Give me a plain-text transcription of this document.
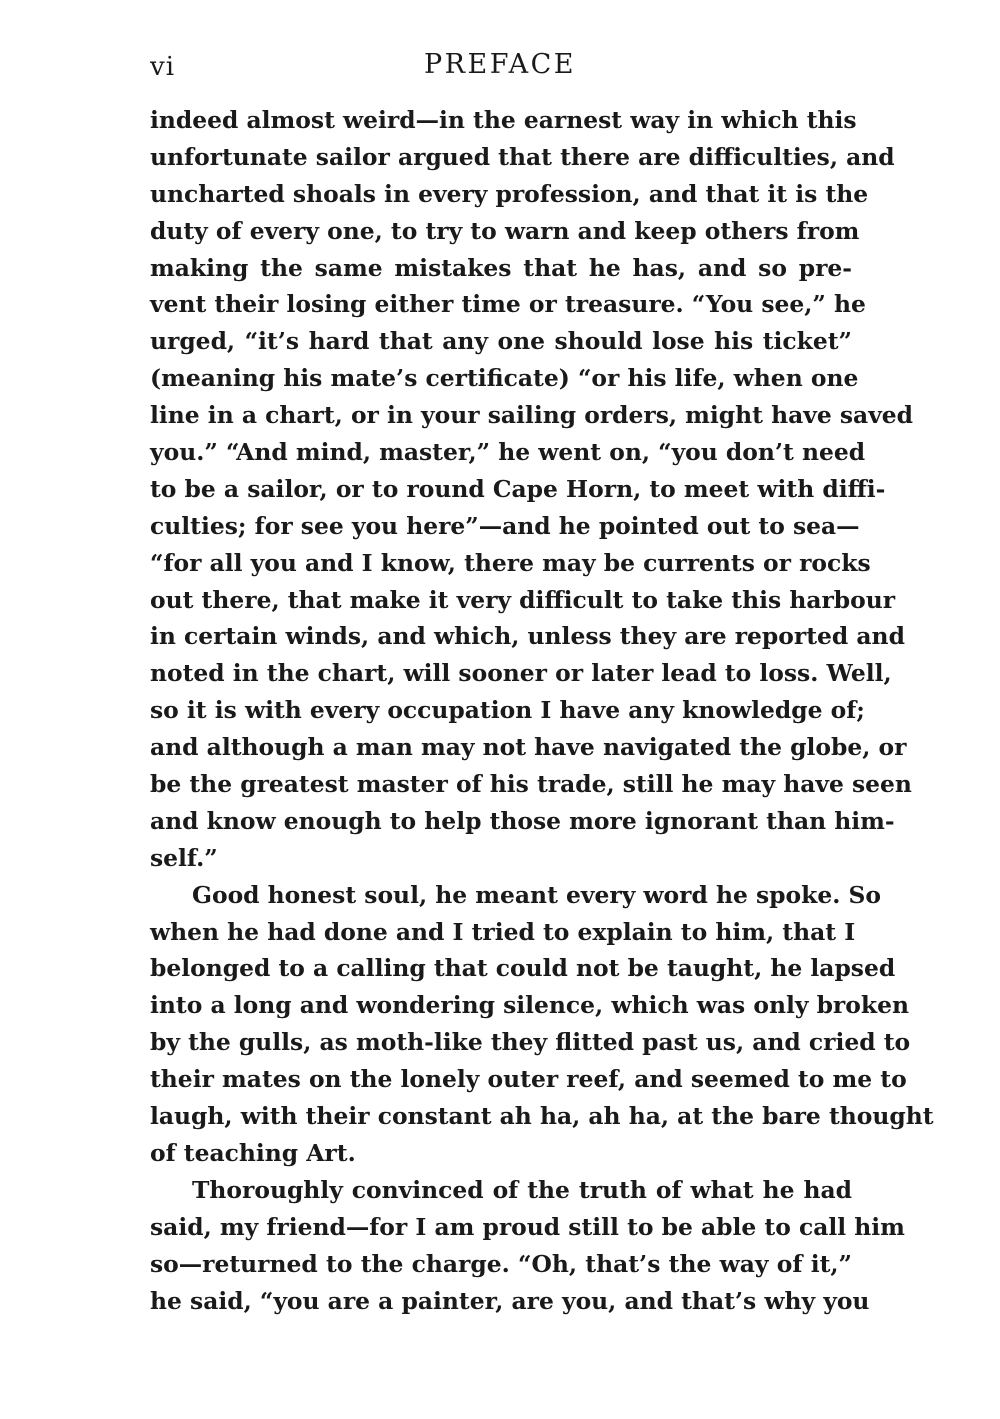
vi	PREFACE
indeed almost weird—in the earnest way in which this
unfortunate sailor argued that there are difficulties, and
uncharted shoals in every profession, and that it is the
duty of every one, to try to warn and keep others from
making the same mistakes that he has, and so pre-
vent their losing either time or treasure. “You see,” he
urged, “it’s hard that any one should lose his ticket”
(meaning his mate’s certificate) “or his life, when one
line in a chart, or in your sailing orders, might have saved
you.” “And mind, master,” he went on, “you don’t need
to be a sailor, or to round Cape Horn, to meet with diffi-
culties; for see you here”—and he pointed out to sea—
“for all you and I know, there may be currents or rocks
out there, that make it very difficult to take this harbour
in certain winds, and which, unless they are reported and
noted in the chart, will sooner or later lead to loss. Well,
so it is with every occupation I have any knowledge of;
and although a man may not have navigated the globe, or
be the greatest master of his trade, still he may have seen
and know enough to help those more ignorant than him-
self.”
Good honest soul, he meant every word he spoke. So
when he had done and I tried to explain to him, that I
belonged to a calling that could not be taught, he lapsed
into a long and wondering silence, which was only broken
by the gulls, as moth-like they flitted past us, and cried to
their mates on the lonely outer reef, and seemed to me to
laugh, with their constant ah ha, ah ha, at the bare thought
of teaching Art.
Thoroughly convinced of the truth of what he had
said, my friend—for I am proud still to be able to call him
so—returned to the charge. “Oh, that’s the way of it,”
he said, “you are a painter, are you, and that’s why you
